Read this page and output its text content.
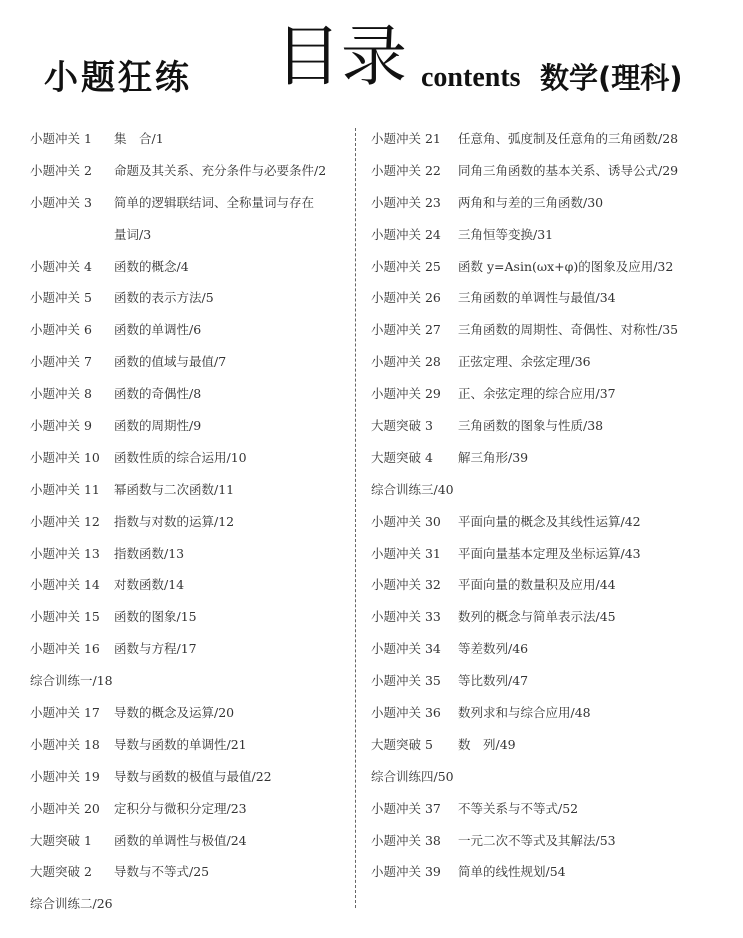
小题狂练 目录 contents 数学(理科)
小题冲关 1	集　合/1
小题冲关 2	命题及其关系、充分条件与必要条件/2
小题冲关 3	简单的逻辑联结词、全称量词与存在
量词/3
小题冲关 4	函数的概念/4
小题冲关 5	函数的表示方法/5
小题冲关 6	函数的单调性/6
小题冲关 7	函数的值域与最值/7
小题冲关 8	函数的奇偶性/8
小题冲关 9	函数的周期性/9
小题冲关 10	函数性质的综合运用/10
小题冲关 11	幂函数与二次函数/11
小题冲关 12	指数与对数的运算/12
小题冲关 13	指数函数/13
小题冲关 14	对数函数/14
小题冲关 15	函数的图象/15
小题冲关 16	函数与方程/17
综合训练一/18
小题冲关 17	导数的概念及运算/20
小题冲关 18	导数与函数的单调性/21
小题冲关 19	导数与函数的极值与最值/22
小题冲关 20	定积分与微积分定理/23
大题突破 1	函数的单调性与极值/24
大题突破 2	导数与不等式/25
综合训练二/26
小题冲关 21	任意角、弧度制及任意角的三角函数/28
小题冲关 22	同角三角函数的基本关系、诱导公式/29
小题冲关 23	两角和与差的三角函数/30
小题冲关 24	三角恒等变换/31
小题冲关 25	函数 y=Asin(ωx+φ)的图象及应用/32
小题冲关 26	三角函数的单调性与最值/34
小题冲关 27	三角函数的周期性、奇偶性、对称性/35
小题冲关 28	正弦定理、余弦定理/36
小题冲关 29	正、余弦定理的综合应用/37
大题突破 3	三角函数的图象与性质/38
大题突破 4	解三角形/39
综合训练三/40
小题冲关 30	平面向量的概念及其线性运算/42
小题冲关 31	平面向量基本定理及坐标运算/43
小题冲关 32	平面向量的数量积及应用/44
小题冲关 33	数列的概念与简单表示法/45
小题冲关 34	等差数列/46
小题冲关 35	等比数列/47
小题冲关 36	数列求和与综合应用/48
大题突破 5	数　列/49
综合训练四/50
小题冲关 37	不等关系与不等式/52
小题冲关 38	一元二次不等式及其解法/53
小题冲关 39	简单的线性规划/54
